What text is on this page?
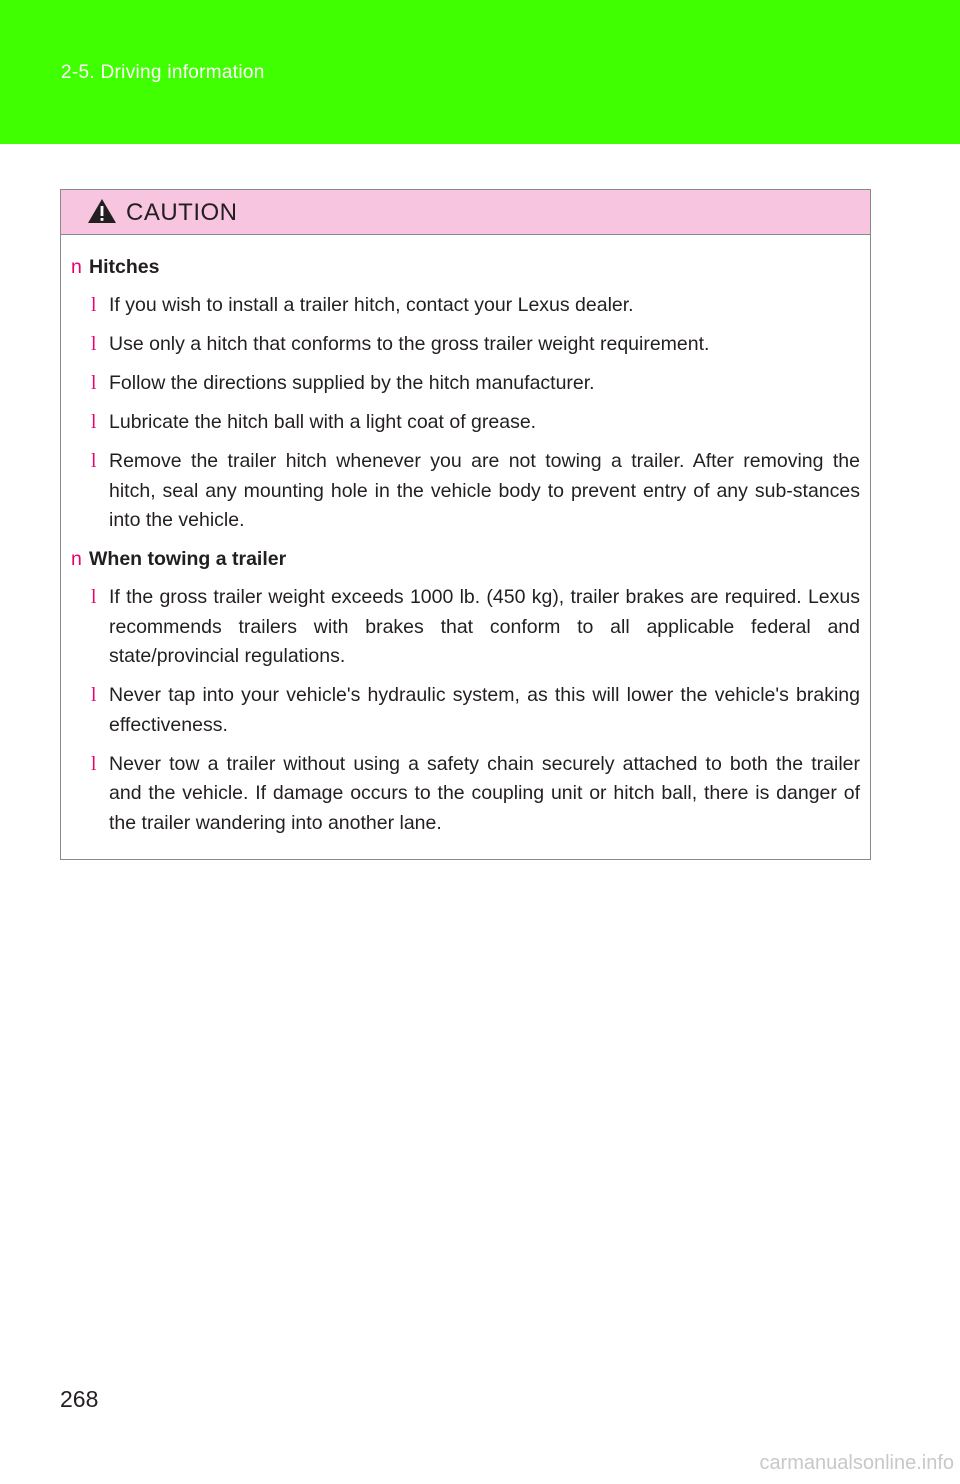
2-5. Driving information
CAUTION
n Hitches
l If you wish to install a trailer hitch, contact your Lexus dealer.
l Use only a hitch that conforms to the gross trailer weight requirement.
l Follow the directions supplied by the hitch manufacturer.
l Lubricate the hitch ball with a light coat of grease.
l Remove the trailer hitch whenever you are not towing a trailer. After removing the hitch, seal any mounting hole in the vehicle body to prevent entry of any sub-stances into the vehicle.
n When towing a trailer
l If the gross trailer weight exceeds 1000 lb. (450 kg), trailer brakes are required. Lexus recommends trailers with brakes that conform to all applicable federal and state/provincial regulations.
l Never tap into your vehicle's hydraulic system, as this will lower the vehicle's braking effectiveness.
l Never tow a trailer without using a safety chain securely attached to both the trailer and the vehicle. If damage occurs to the coupling unit or hitch ball, there is danger of the trailer wandering into another lane.
268
carmanualsonline.info
